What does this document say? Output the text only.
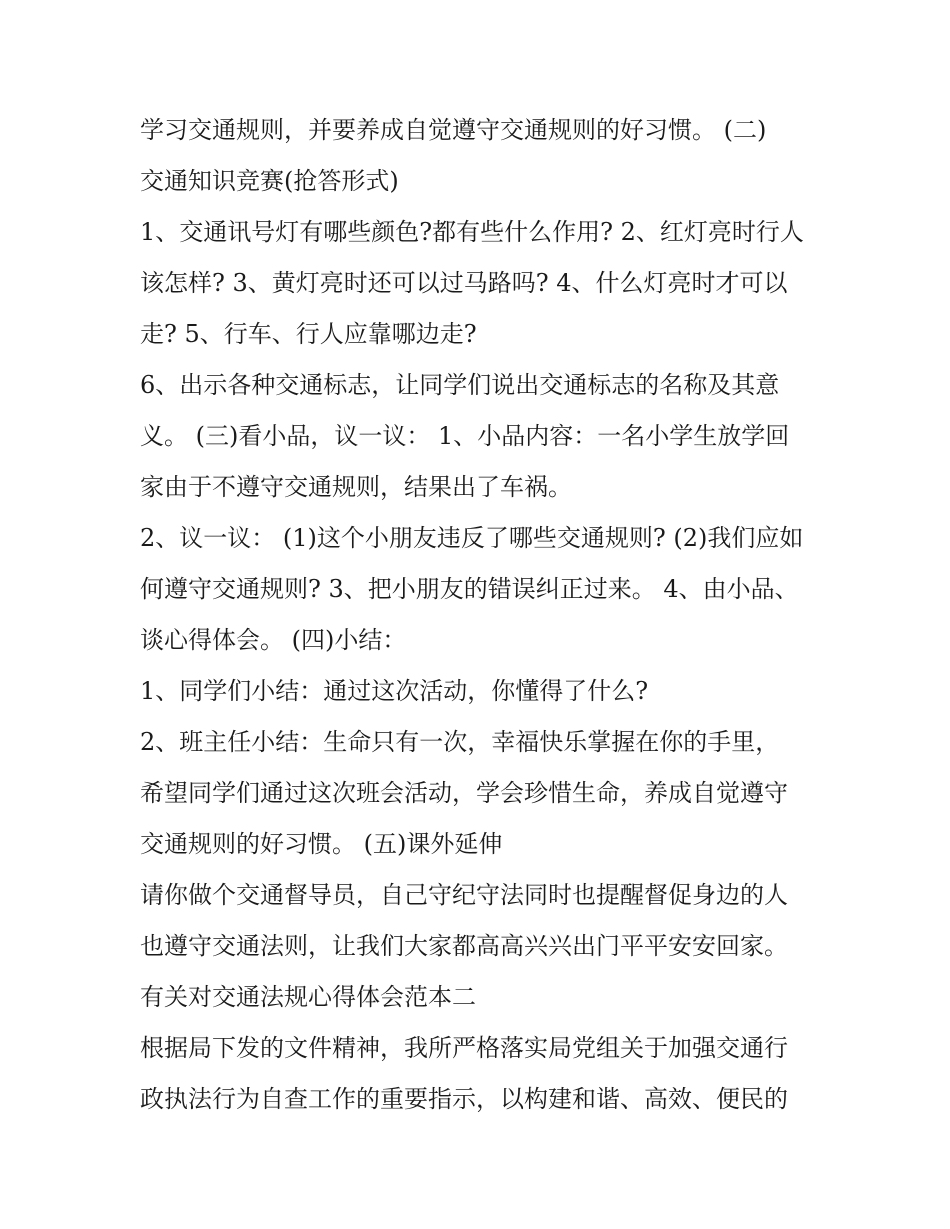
学习交通规则，并要养成自觉遵守交通规则的好习惯。 (二)
交通知识竞赛(抢答形式)
1、交通讯号灯有哪些颜色?都有些什么作用? 2、红灯亮时行人
该怎样? 3、黄灯亮时还可以过马路吗? 4、什么灯亮时才可以
走? 5、行车、行人应靠哪边走?
6、出示各种交通标志，让同学们说出交通标志的名称及其意
义。 (三)看小品，议一议： 1、小品内容：一名小学生放学回
家由于不遵守交通规则，结果出了车祸。
2、议一议： (1)这个小朋友违反了哪些交通规则? (2)我们应如
何遵守交通规则? 3、把小朋友的错误纠正过来。 4、由小品、
谈心得体会。 (四)小结：
1、同学们小结：通过这次活动，你懂得了什么?
2、班主任小结：生命只有一次，幸福快乐掌握在你的手里，
希望同学们通过这次班会活动，学会珍惜生命，养成自觉遵守
交通规则的好习惯。 (五)课外延伸
请你做个交通督导员，自己守纪守法同时也提醒督促身边的人
也遵守交通法则，让我们大家都高高兴兴出门平平安安回家。
有关对交通法规心得体会范本二
根据局下发的文件精神，我所严格落实局党组关于加强交通行
政执法行为自查工作的重要指示，以构建和谐、高效、便民的
